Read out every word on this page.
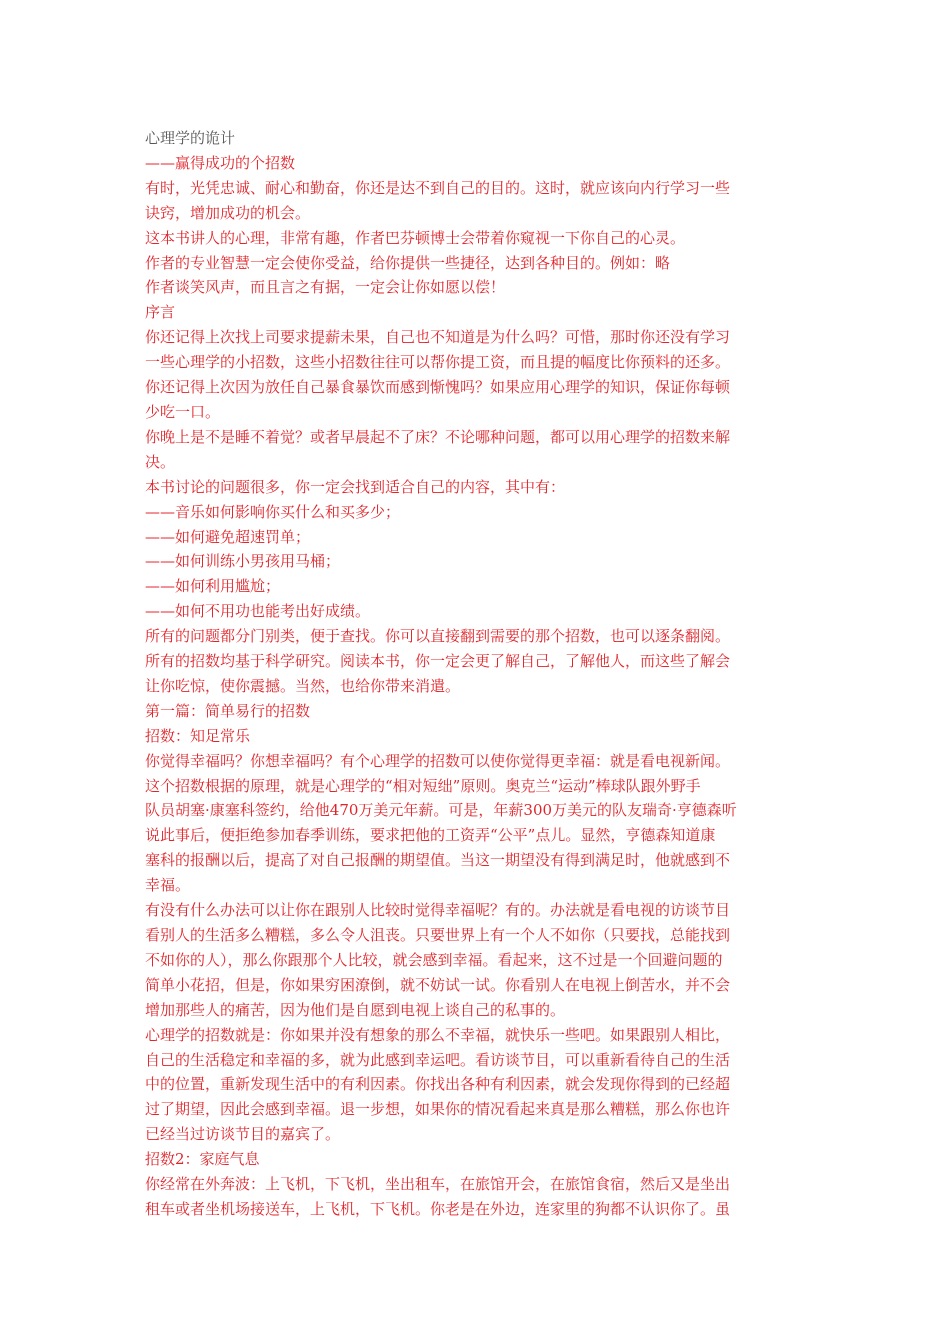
心理学的诡计

——赢得成功的个招数

有时，光凭忠诚、耐心和勤奋，你还是达不到自己的目的。这时，就应该向内行学习一些

诀窍，增加成功的机会。

这本书讲人的心理，非常有趣，作者巴芬顿博士会带着你窥视一下你自己的心灵。

作者的专业智慧一定会使你受益，给你提供一些捷径，达到各种目的。例如：略

作者谈笑风声，而且言之有据，一定会让你如愿以偿！

序言

你还记得上次找上司要求提薪未果，自己也不知道是为什么吗？可惜，那时你还没有学习

一些心理学的小招数，这些小招数往往可以帮你提工资，而且提的幅度比你预料的还多。

你还记得上次因为放任自己暴食暴饮而感到惭愧吗？如果应用心理学的知识，保证你每顿

少吃一口。

你晚上是不是睡不着觉？或者早晨起不了床？不论哪种问题，都可以用心理学的招数来解

决。

本书讨论的问题很多，你一定会找到适合自己的内容，其中有：

——音乐如何影响你买什么和买多少；

——如何避免超速罚单；

——如何训练小男孩用马桶；

——如何利用尴尬；

——如何不用功也能考出好成绩。

所有的问题都分门别类，便于查找。你可以直接翻到需要的那个招数，也可以逐条翻阅。

所有的招数均基于科学研究。阅读本书，你一定会更了解自己，了解他人，而这些了解会

让你吃惊，使你震撼。当然，也给你带来消遣。

第一篇：简单易行的招数

招数：知足常乐

你觉得幸福吗？你想幸福吗？有个心理学的招数可以使你觉得更幸福：就是看电视新闻。

这个招数根据的原理，就是心理学的“相对短绌”原则。奥克兰“运动”棒球队跟外野手

队员胡塞·康塞科签约，给他470万美元年薪。可是，年薪300万美元的队友瑞奇·亨德森听

说此事后，便拒绝参加春季训练，要求把他的工资弄“公平”点儿。显然，亨德森知道康

塞科的报酬以后，提高了对自己报酬的期望值。当这一期望没有得到满足时，他就感到不

幸福。

有没有什么办法可以让你在跟别人比较时觉得幸福呢？有的。办法就是看电视的访谈节目

看别人的生活多么糟糕，多么令人沮丧。只要世界上有一个人不如你（只要找，总能找到

不如你的人），那么你跟那个人比较，就会感到幸福。看起来，这不过是一个回避问题的

简单小花招，但是，你如果穷困潦倒，就不妨试一试。你看别人在电视上倒苦水，并不会

增加那些人的痛苦，因为他们是自愿到电视上谈自己的私事的。

心理学的招数就是：你如果并没有想象的那么不幸福，就快乐一些吧。如果跟别人相比，

自己的生活稳定和幸福的多，就为此感到幸运吧。看访谈节目，可以重新看待自己的生活

中的位置，重新发现生活中的有利因素。你找出各种有利因素，就会发现你得到的已经超

过了期望，因此会感到幸福。退一步想，如果你的情况看起来真是那么糟糕，那么你也许

已经当过访谈节目的嘉宾了。

招数2：家庭气息

你经常在外奔波：上飞机，下飞机，坐出租车，在旅馆开会，在旅馆食宿，然后又是坐出

租车或者坐机场接送车，上飞机，下飞机。你老是在外边，连家里的狗都不认识你了。虽
